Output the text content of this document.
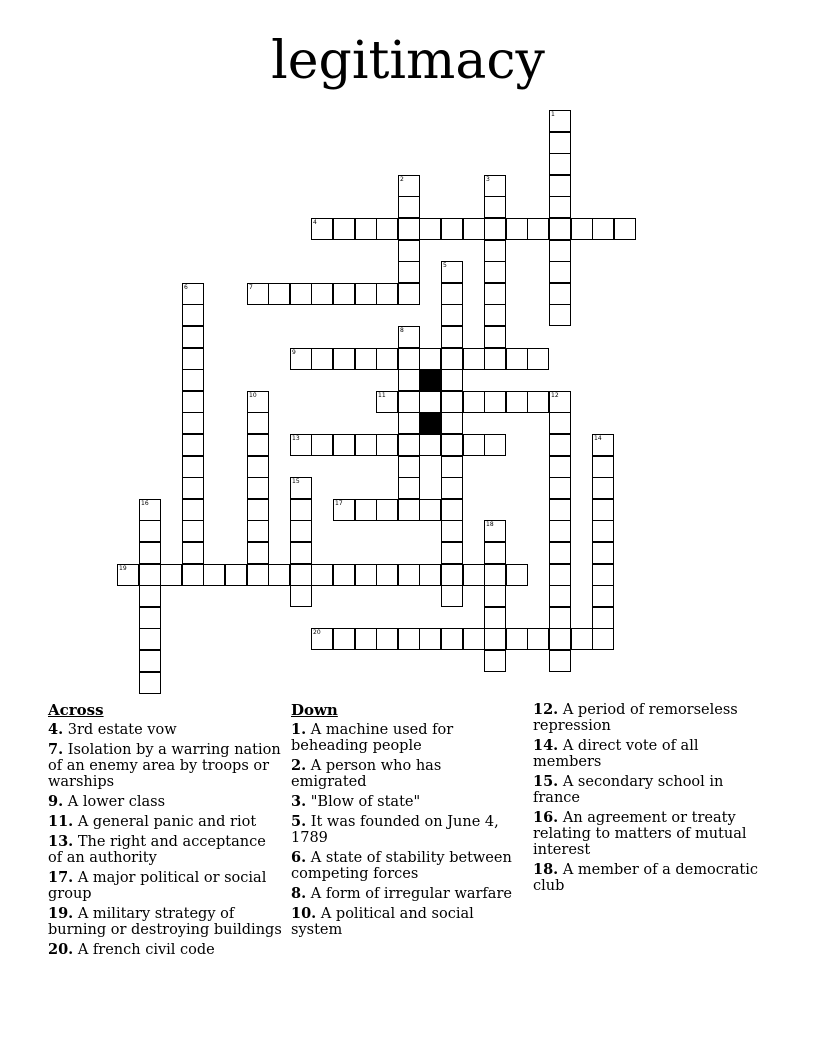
legitimacy
1
2	3
4
5
6	7
8
9
10	11	12
13	14
15
16	17
18
19
20
Across
4. 3rd estate vow
7. Isolation by a warring nation of an enemy area by troops or warships
9. A lower class
11. A general panic and riot
13. The right and acceptance of an authority
17. A major political or social group
19. A military strategy of burning or destroying buildings
20. A french civil code
Down
1. A machine used for beheading people
2. A person who has emigrated
3. "Blow of state"
5. It was founded on June 4, 1789
6. A state of stability between competing forces
8. A form of irregular warfare
10. A political and social system
12. A period of remorseless repression
14. A direct vote of all members
15. A secondary school in france
16. An agreement or treaty relating to matters of mutual interest
18. A member of a democratic club
